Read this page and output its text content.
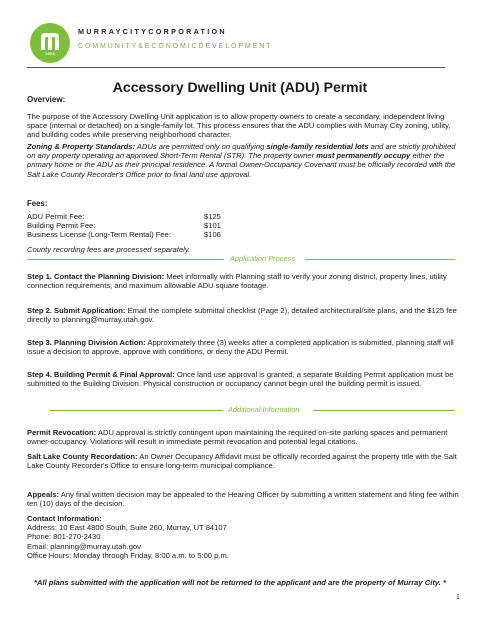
1903
MURRAYCITYCORPORATION
COMMUNITY&ECONOMICDEVELOPMENT
Accessory Dwelling Unit (ADU) Permit
Overview:
The purpose of the Accessory Dwelling Unit application is to allow property owners to create a secondary, independent living space (internal or detached) on a single-family lot. This process ensures that the ADU complies with Murray City zoning, utility, and building codes while preserving neighborhood character.
Zoning & Property Standards: ADUs are permitted only on qualifying single-family residential lots and are strictly prohibited on any property operating an approved Short-Term Rental (STR). The property owner must permanently occupy either the primary home or the ADU as their principal residence. A formal Owner-Occupancy Covenant must be officially recorded with the Salt Lake County Recorder's Office prior to final land use approval.
Fees:
ADU Permit Fee:	$125
Building Permit Fee:	$101
Business License (Long-Term Rental) Fee:	$106
County recording fees are processed separately.
Application Process
Step 1. Contact the Planning Division: Meet informally with Planning staff to verify your zoning district, property lines, utility connection requirements, and maximum allowable ADU square footage.
Step 2. Submit Application: Email the complete submittal checklist (Page 2), detailed architectural/site plans, and the $125 fee directly to planning@murray.utah.gov.
Step 3. Planning Division Action: Approximately three (3) weeks after a completed application is submitted, planning staff will issue a decision to approve, approve with conditions, or deny the ADU Permit.
Step 4. Building Permit & Final Approval: Once land use approval is granted, a separate Building Permit application must be submitted to the Building Division. Physical construction or occupancy cannot begin until the building permit is issued.
Additional Information
Permit Revocation: ADU approval is strictly contingent upon maintaining the required on-site parking spaces and permanent owner-occupancy. Violations will result in immediate permit revocation and potential legal citations.
Salt Lake County Recordation: An Owner Occupancy Affidavit must be offically recorded against the property title with the Salt Lake County Recorder's Office to ensure long-term municipal compliance.
Appeals: Any final written decision may be appealed to the Hearing Officer by submitting a written statement and filing fee within ten (10) days of the decision.
Contact Information:
Address: 10 East 4800 South, Suite 260, Murray, UT 84107
Phone: 801-270-2430
Email: planning@murray.utah.gov
Office Hours: Monday through Friday, 8:00 a.m. to 5:00 p.m.
*All plans submitted with the application will not be returned to the applicant and are the property of Murray City. *
1
